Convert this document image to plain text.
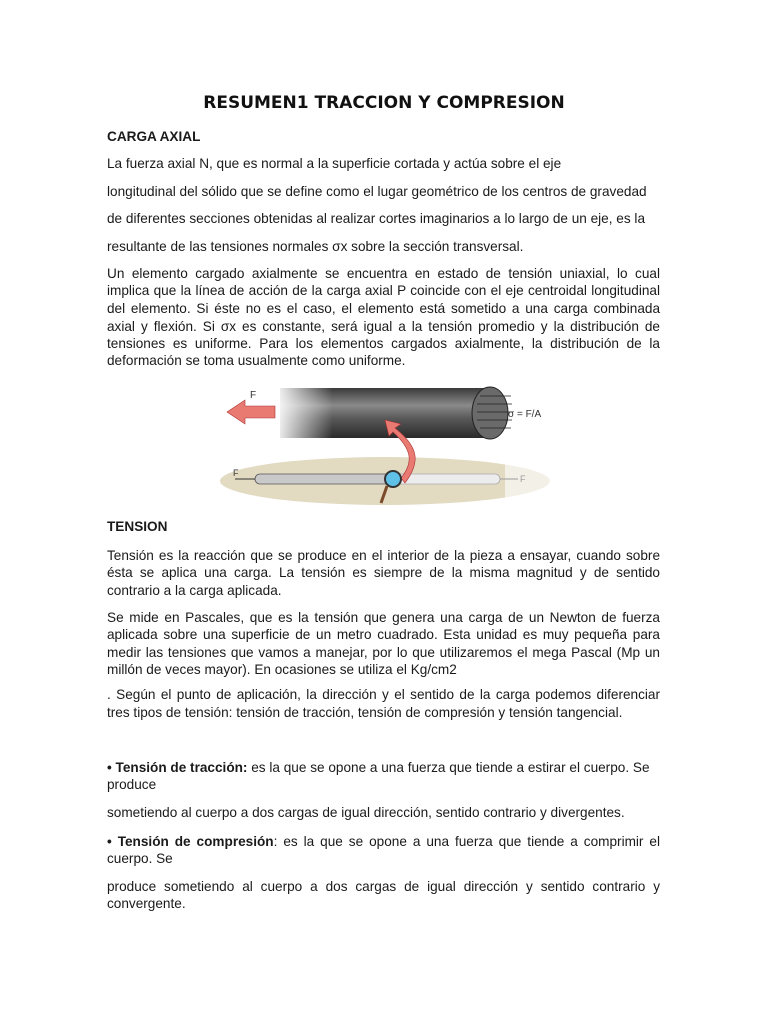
RESUMEN1 TRACCION Y COMPRESION
CARGA AXIAL
TENSION
La fuerza axial N, que es normal a la superficie cortada y actúa sobre el eje
longitudinal del sólido que se define como el lugar geométrico de los centros de gravedad
de diferentes secciones obtenidas al realizar cortes imaginarios a lo largo de un eje, es la
resultante de las tensiones normales σx sobre la sección transversal.
Un elemento cargado axialmente se encuentra en estado de tensión uniaxial, lo cual
implica que la línea de acción de la carga axial P coincide con el eje centroidal longitudinal
del elemento. Si éste no es el caso, el elemento está sometido a una carga combinada
axial y flexión. Si σx es constante, será igual a la tensión promedio y la distribución de
tensiones es uniforme. Para los elementos cargados axialmente, la distribución de la
deformación se toma usualmente como uniforme.
Tensión es la reacción que se produce en el interior de la pieza a ensayar, cuando sobre
ésta se aplica una carga. La tensión es siempre de la misma magnitud y de sentido
contrario a la carga aplicada.
Se mide en Pascales, que es la tensión que genera una carga de un Newton de fuerza
aplicada sobre una superficie de un metro cuadrado. Esta unidad es muy pequeña para
medir las tensiones que vamos a manejar, por lo que utilizaremos el mega Pascal (Mp un
millón de veces mayor). En ocasiones se utiliza el Kg/cm2
. Según el punto de aplicación, la dirección y el sentido de la carga podemos diferenciar
tres tipos de tensión: tensión de tracción, tensión de compresión y tensión tangencial.
sometiendo al cuerpo a dos cargas de igual dirección, sentido contrario y divergentes.
produce sometiendo al cuerpo a dos cargas de igual dirección y sentido contrario y
convergente.
• Tensión de tracción: es la que se opone a una fuerza que tiende a estirar el cuerpo. Se
produce
• Tensión de compresión: es la que se opone a una fuerza que tiende a comprimir el
cuerpo. Se
F
σ = F/A
F
F
